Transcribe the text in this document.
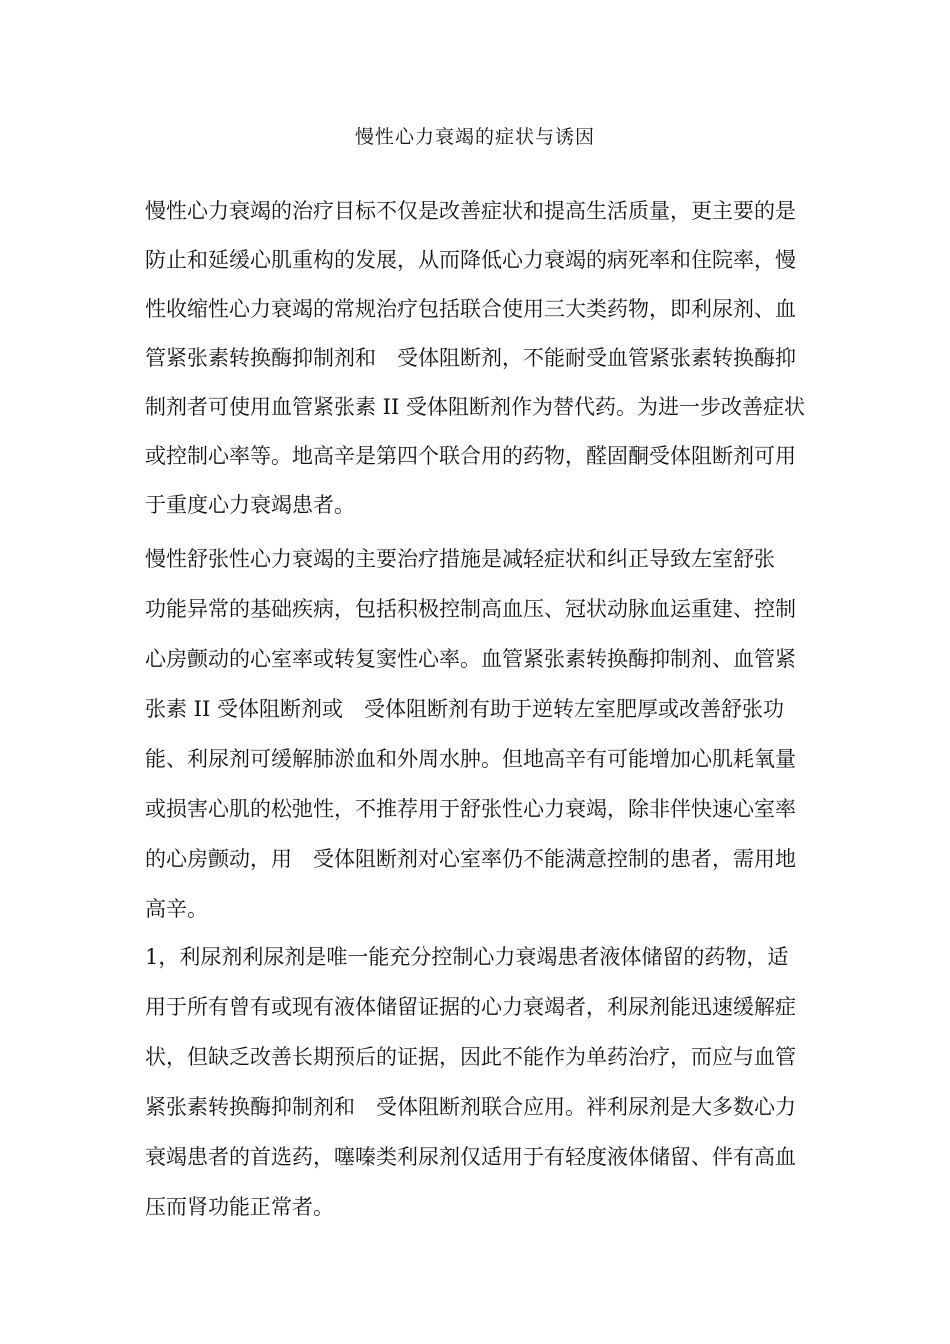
慢性心力衰竭的症状与诱因
慢性心力衰竭的治疗目标不仅是改善症状和提高生活质量，更主要的是
防止和延缓心肌重构的发展，从而降低心力衰竭的病死率和住院率，慢
性收缩性心力衰竭的常规治疗包括联合使用三大类药物，即利尿剂、血
管紧张素转换酶抑制剂和　受体阻断剂，不能耐受血管紧张素转换酶抑
制剂者可使用血管紧张素 II 受体阻断剂作为替代药。为进一步改善症状
或控制心率等。地高辛是第四个联合用的药物，醛固酮受体阻断剂可用
于重度心力衰竭患者。
慢性舒张性心力衰竭的主要治疗措施是减轻症状和纠正导致左室舒张
功能异常的基础疾病，包括积极控制高血压、冠状动脉血运重建、控制
心房颤动的心室率或转复窦性心率。血管紧张素转换酶抑制剂、血管紧
张素 II 受体阻断剂或　受体阻断剂有助于逆转左室肥厚或改善舒张功
能、利尿剂可缓解肺淤血和外周水肿。但地高辛有可能增加心肌耗氧量
或损害心肌的松弛性，不推荐用于舒张性心力衰竭，除非伴快速心室率
的心房颤动，用　受体阻断剂对心室率仍不能满意控制的患者，需用地
高辛。
1，利尿剂利尿剂是唯一能充分控制心力衰竭患者液体储留的药物，适
用于所有曾有或现有液体储留证据的心力衰竭者，利尿剂能迅速缓解症
状，但缺乏改善长期预后的证据，因此不能作为单药治疗，而应与血管
紧张素转换酶抑制剂和　受体阻断剂联合应用。袢利尿剂是大多数心力
衰竭患者的首选药，噻嗪类利尿剂仅适用于有轻度液体储留、伴有高血
压而肾功能正常者。
